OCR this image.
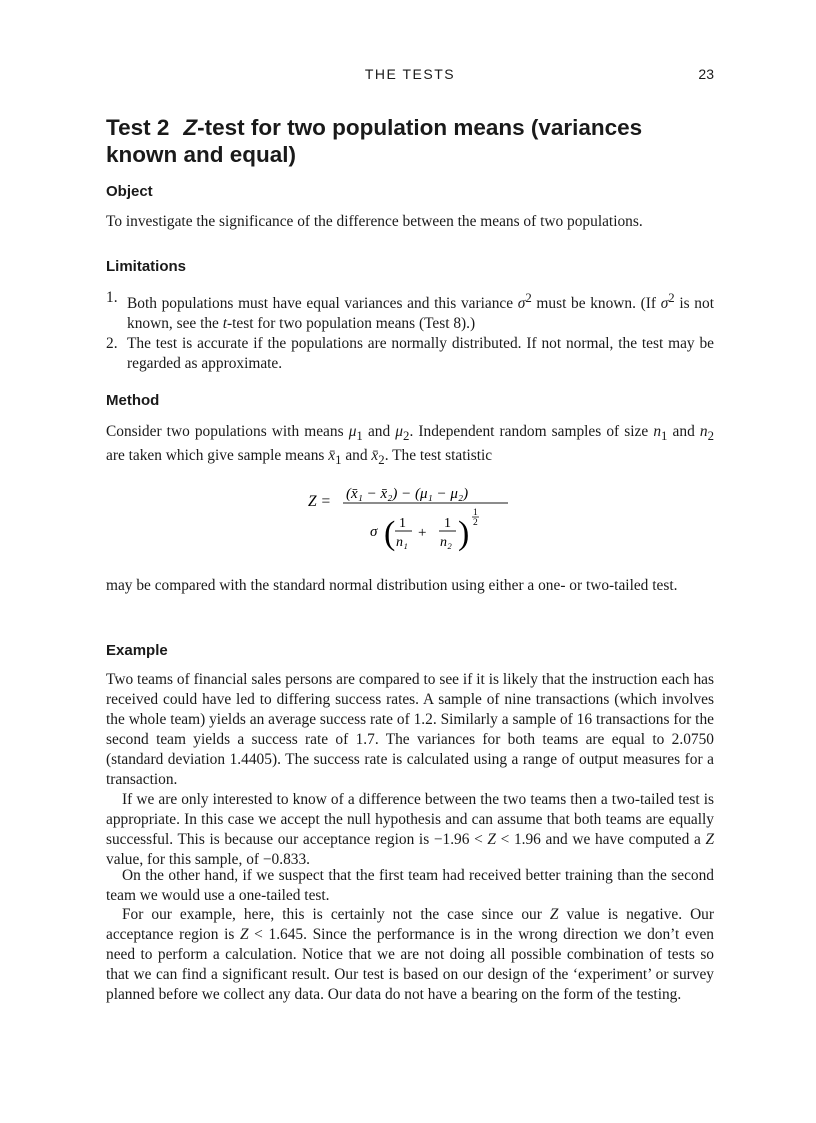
THE TESTS	23
Test 2 Z-test for two population means (variances
known and equal)
Object

To investigate the significance of the difference between the means of two populations.

Limitations
1. Both populations must have equal variances and this variance $\sigma^2$ must be known. (If $\sigma^2$ is not known, see the t-test for two population means (Test 8).)
2. The test is accurate if the populations are normally distributed. If not normal, the test may be regarded as approximate.
Method

Consider two populations with means $\mu_1$ and $\mu_2$. Independent random samples of size $n_1$ and $n_2$ are taken which give sample means $x̄_1$ and $x̄_2$. The test statistic

Z = (x̄₁ − x̄₂) − (μ₁ − μ₂)
σ ( 1
n₁
+
1
n₂ )
1
2

may be compared with the standard normal distribution using either a one- or two-tailed test.

Example

Two teams of financial sales persons are compared to see if it is likely that the instruction each has received could have led to differing success rates. A sample of nine transactions (which involves the whole team) yields an average success rate of 1.2. Similarly a sample of 16 transactions for the second team yields a success rate of 1.7. The variances for both teams are equal to 2.0750 (standard deviation 1.4405). The success rate is calculated using a range of output measures for a transaction.

If we are only interested to know of a difference between the two teams then a two-tailed test is appropriate. In this case we accept the null hypothesis and can assume that both teams are equally successful. This is because our acceptance region is −1.96 < Z < 1.96 and we have computed a Z value, for this sample, of −0.833.

On the other hand, if we suspect that the first team had received better training than the second team we would use a one-tailed test.

For our example, here, this is certainly not the case since our Z value is negative. Our acceptance region is Z < 1.645. Since the performance is in the wrong direction we don’t even need to perform a calculation. Notice that we are not doing all possible combination of tests so that we can find a significant result. Our test is based on our design of the ‘experiment’ or survey planned before we collect any data. Our data do not have a bearing on the form of the testing.
